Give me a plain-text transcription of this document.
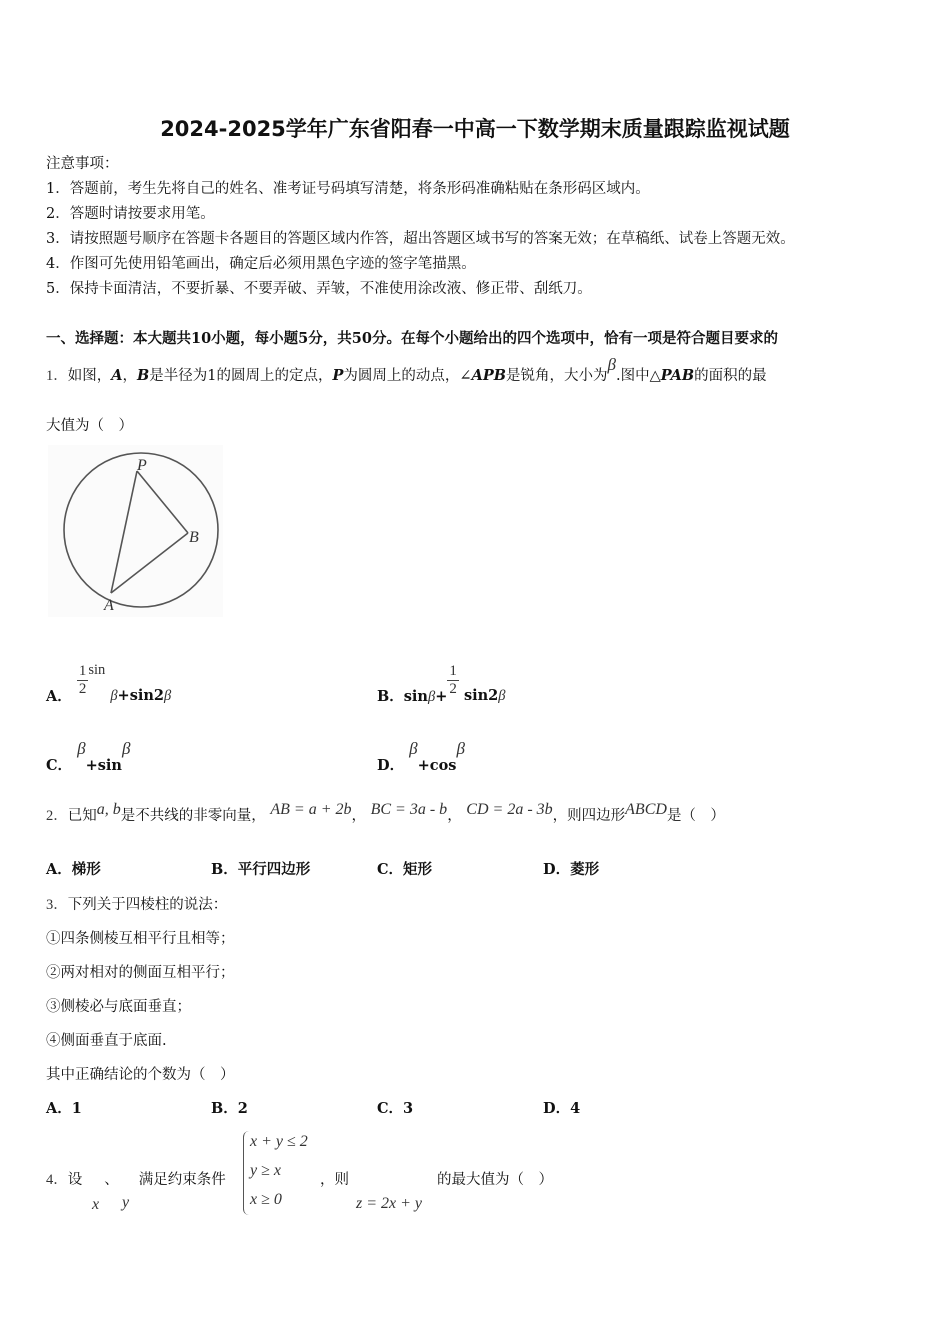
2024-2025学年广东省阳春一中高一下数学期末质量跟踪监视试题
注意事项：
1．答题前，考生先将自己的姓名、准考证号码填写清楚，将条形码准确粘贴在条形码区域内。
2．答题时请按要求用笔。
3．请按照题号顺序在答题卡各题目的答题区域内作答，超出答题区域书写的答案无效；在草稿纸、试卷上答题无效。
4．作图可先使用铅笔画出，确定后必须用黑色字迹的签字笔描黑。
5．保持卡面清洁，不要折暴、不要弄破、弄皱，不准使用涂改液、修正带、刮纸刀。
一、选择题：本大题共10小题，每小题5分，共50分。在每个小题给出的四个选项中，恰有一项是符合题目要求的
1．如图，A，B是半径为1的圆周上的定点，P为圆周上的动点，∠APB是锐角，大小为β.图中△PAB的面积的最
大值为（　）
P
B
A
A． $\frac{1}{2}$ sin β+sin2β	B．$\sin\beta+ \frac{1}{2} \sin 2\beta$
C． β+sinβ
D． β+cosβ
2．已知a, b是不共线的非零向量， AB = a + 2b， BC = 3a - b， CD = 2a - 3b，则四边形ABCD是（　）
A．梯形	B．平行四边形	C．矩形	D．菱形
3．下列关于四棱柱的说法：
①四条侧棱互相平行且相等；
②两对相对的侧面互相平行；
③侧棱必与底面垂直；
④侧面垂直于底面.
其中正确结论的个数为（　）
A．1	B．2	C．3	D．4
4．设 、 满足约束条件
x y
x + y ≤ 2
y ≥ x
x ≥ 0
，则
z = 2x + y
的最大值为（　）
